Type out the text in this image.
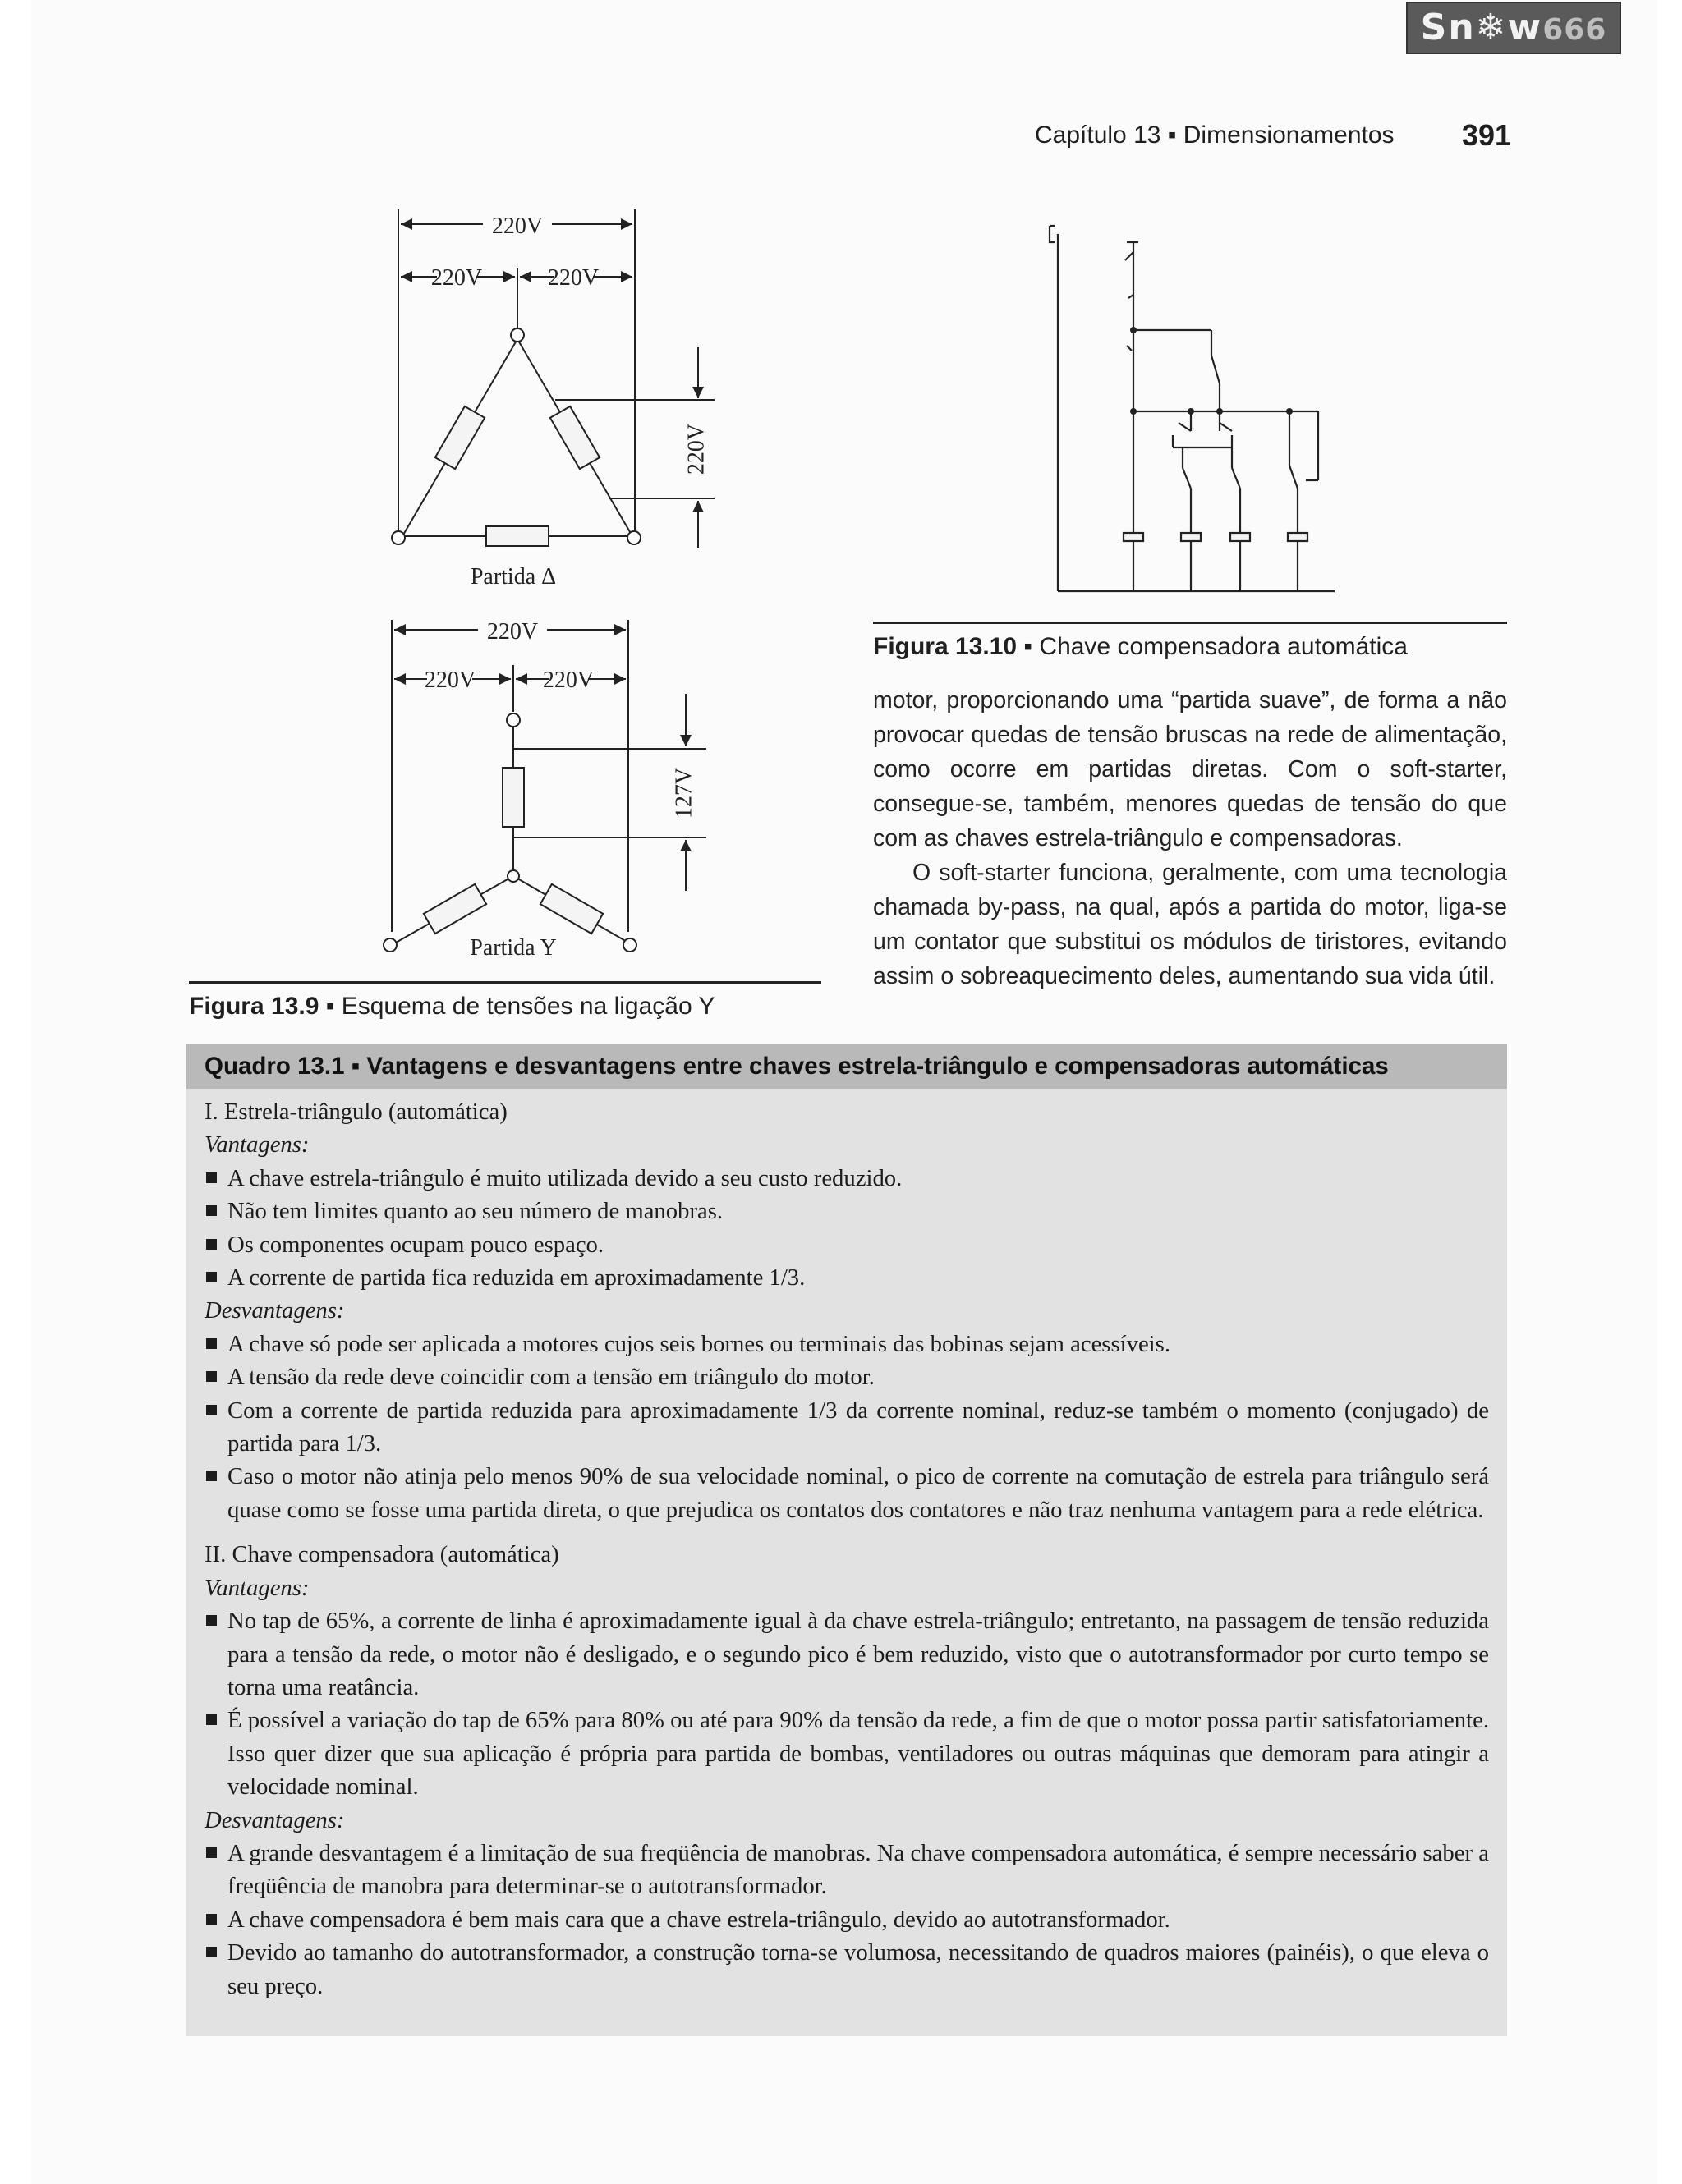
Sn❄w666
Capítulo 13 ▪ Dimensionamentos 391
220V
220V	220V
220V
Partida Δ
220V
220V	220V
127V
Partida Y
Figura 13.9 ▪ Esquema de tensões na ligação Y
Figura 13.10 ▪ Chave compensadora automática

motor, proporcionando uma “partida suave”, de forma a não provocar quedas de tensão bruscas na rede de alimentação, como ocorre em partidas diretas. Com o soft-starter, consegue-se, também, menores quedas de tensão do que com as chaves estrela-triângulo e compensadoras.

O soft-starter funciona, geralmente, com uma tecnologia chamada by-pass, na qual, após a partida do motor, liga-se um contator que substitui os módulos de tiristores, evitando assim o sobreaquecimento deles, aumentando sua vida útil.

Quadro 13.1 ▪ Vantagens e desvantagens entre chaves estrela-triângulo e compensadoras automáticas
I. Estrela-triângulo (automática)
Vantagens:
A chave estrela-triângulo é muito utilizada devido a seu custo reduzido.
Não tem limites quanto ao seu número de manobras.
Os componentes ocupam pouco espaço.
A corrente de partida fica reduzida em aproximadamente 1/3.
Desvantagens:
A chave só pode ser aplicada a motores cujos seis bornes ou terminais das bobinas sejam acessíveis.
A tensão da rede deve coincidir com a tensão em triângulo do motor.
Com a corrente de partida reduzida para aproximadamente 1/3 da corrente nominal, reduz-se também o momento (conjugado) de partida para 1/3.
Caso o motor não atinja pelo menos 90% de sua velocidade nominal, o pico de corrente na comutação de estrela para triângulo será quase como se fosse uma partida direta, o que prejudica os contatos dos contatores e não traz nenhuma vantagem para a rede elétrica.
II. Chave compensadora (automática)
Vantagens:
No tap de 65%, a corrente de linha é aproximadamente igual à da chave estrela-triângulo; entretanto, na passagem de tensão reduzida para a tensão da rede, o motor não é desligado, e o segundo pico é bem reduzido, visto que o autotransformador por curto tempo se torna uma reatância.
É possível a variação do tap de 65% para 80% ou até para 90% da tensão da rede, a fim de que o motor possa partir satisfatoriamente. Isso quer dizer que sua aplicação é própria para partida de bombas, ventiladores ou outras máquinas que demoram para atingir a velocidade nominal.
Desvantagens:
A grande desvantagem é a limitação de sua freqüência de manobras. Na chave compensadora automática, é sempre necessário saber a freqüência de manobra para determinar-se o autotransformador.
A chave compensadora é bem mais cara que a chave estrela-triângulo, devido ao autotransformador.
Devido ao tamanho do autotransformador, a construção torna-se volumosa, necessitando de quadros maiores (painéis), o que eleva o seu preço.
